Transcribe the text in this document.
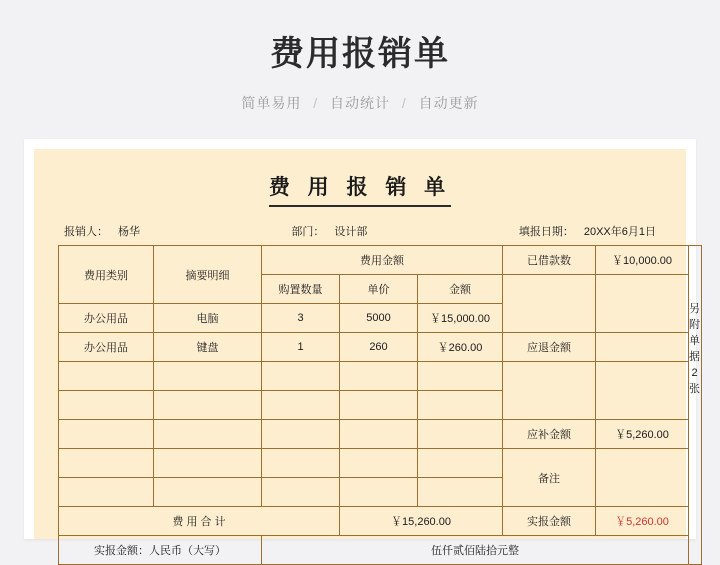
费用报销单
简单易用 / 自动统计 / 自动更新
费 用 报 销 单
报销人： 杨华	部门： 设计部	填报日期： 20XX年6月1日
费用类别	摘要明细	费用金额			已借款数	￥10,000.00
		购置数量	单价	金额		
办公用品	电脑	3	5000	￥15,000.00		
办公用品	键盘	1	260	￥260.00	应退金额	

					应补金额	￥5,260.00
					备注	

费 用 合 计			￥15,260.00		实报金额	￥5,260.00
实报金额：人民币（大写）		伍仟贰佰陆拾元整				
另
附
单
据
2
张
